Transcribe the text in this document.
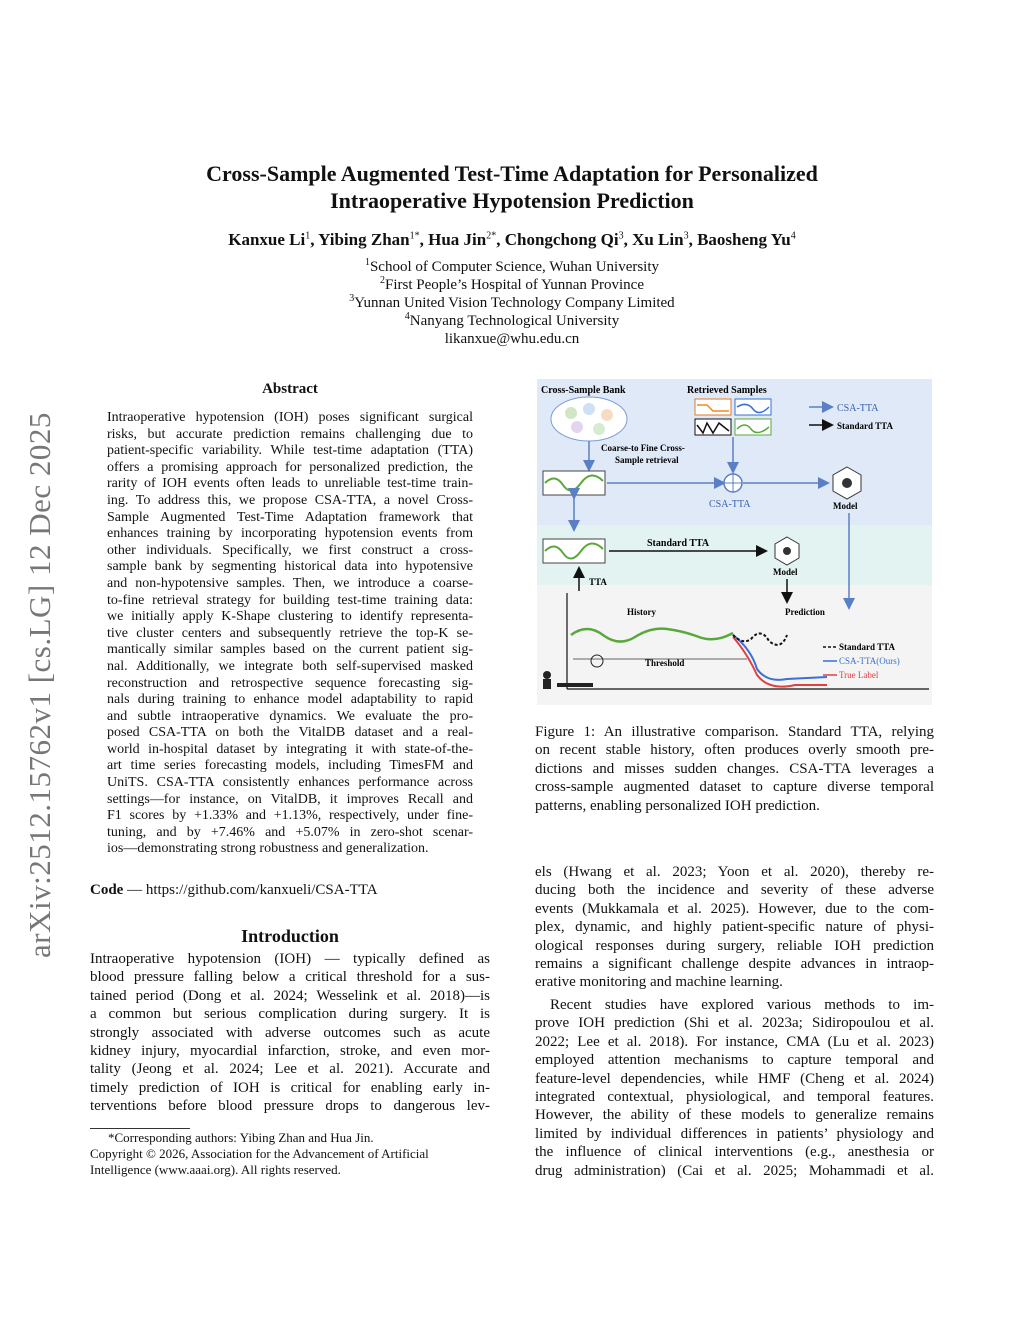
arXiv:2512.15762v1 [cs.LG] 12 Dec 2025
Cross-Sample Augmented Test-Time Adaptation for Personalized
Intraoperative Hypotension Prediction
Kanxue Li$^1$, Yibing Zhan$^{1*}$, Hua Jin$^{2*}$, Chongchong Qi$^3$, Xu Lin$^3$, Baosheng Yu$^4$
$^1$School of Computer Science, Wuhan University
$^2$First People’s Hospital of Yunnan Province
$^3$Yunnan United Vision Technology Company Limited
$^4$Nanyang Technological University
likanxue@whu.edu.cn
Abstract
Intraoperative hypotension (IOH) poses significant surgical
risks, but accurate prediction remains challenging due to
patient-specific variability. While test-time adaptation (TTA)
offers a promising approach for personalized prediction, the
rarity of IOH events often leads to unreliable test-time train-
ing. To address this, we propose CSA-TTA, a novel Cross-
Sample Augmented Test-Time Adaptation framework that
enhances training by incorporating hypotension events from
other individuals. Specifically, we first construct a cross-
sample bank by segmenting historical data into hypotensive
and non-hypotensive samples. Then, we introduce a coarse-
to-fine retrieval strategy for building test-time training data:
we initially apply K-Shape clustering to identify representa-
tive cluster centers and subsequently retrieve the top-K se-
mantically similar samples based on the current patient sig-
nal. Additionally, we integrate both self-supervised masked
reconstruction and retrospective sequence forecasting sig-
nals during training to enhance model adaptability to rapid
and subtle intraoperative dynamics. We evaluate the pro-
posed CSA-TTA on both the VitalDB dataset and a real-
world in-hospital dataset by integrating it with state-of-the-
art time series forecasting models, including TimesFM and
UniTS. CSA-TTA consistently enhances performance across
settings—for instance, on VitalDB, it improves Recall and
F1 scores by +1.33% and +1.13%, respectively, under fine-
tuning, and by +7.46% and +5.07% in zero-shot scenar-
ios—demonstrating strong robustness and generalization.
Code — https://github.com/kanxueli/CSA-TTA
Introduction
Intraoperative hypotension (IOH) — typically defined as
blood pressure falling below a critical threshold for a sus-
tained period (Dong et al. 2024; Wesselink et al. 2018)—is
a common but serious complication during surgery. It is
strongly associated with adverse outcomes such as acute
kidney injury, myocardial infarction, stroke, and even mor-
tality (Jeong et al. 2024; Lee et al. 2021). Accurate and
timely prediction of IOH is critical for enabling early in-
terventions before blood pressure drops to dangerous lev-
*Corresponding authors: Yibing Zhan and Hua Jin.
Copyright © 2026, Association for the Advancement of Artificial
Intelligence (www.aaai.org). All rights reserved.
Cross-Sample Bank	Retrieved Samples
CSA-TTA
Standard TTA
Coarse-to Fine Cross-
Sample retrieval
CSA-TTA	Model
Standard TTA
Model
TTA
History	Prediction
Threshold
Standard TTA
CSA-TTA(Ours)
True Label
Figure 1: An illustrative comparison. Standard TTA, relying
on recent stable history, often produces overly smooth pre-
dictions and misses sudden changes. CSA-TTA leverages a
cross-sample augmented dataset to capture diverse temporal
patterns, enabling personalized IOH prediction.
els (Hwang et al. 2023; Yoon et al. 2020), thereby re-
ducing both the incidence and severity of these adverse
events (Mukkamala et al. 2025). However, due to the com-
plex, dynamic, and highly patient-specific nature of physi-
ological responses during surgery, reliable IOH prediction
remains a significant challenge despite advances in intraop-
erative monitoring and machine learning.
Recent studies have explored various methods to im-
prove IOH prediction (Shi et al. 2023a; Sidiropoulou et al.
2022; Lee et al. 2018). For instance, CMA (Lu et al. 2023)
employed attention mechanisms to capture temporal and
feature-level dependencies, while HMF (Cheng et al. 2024)
integrated contextual, physiological, and temporal features.
However, the ability of these models to generalize remains
limited by individual differences in patients’ physiology and
the influence of clinical interventions (e.g., anesthesia or
drug administration) (Cai et al. 2025; Mohammadi et al.
